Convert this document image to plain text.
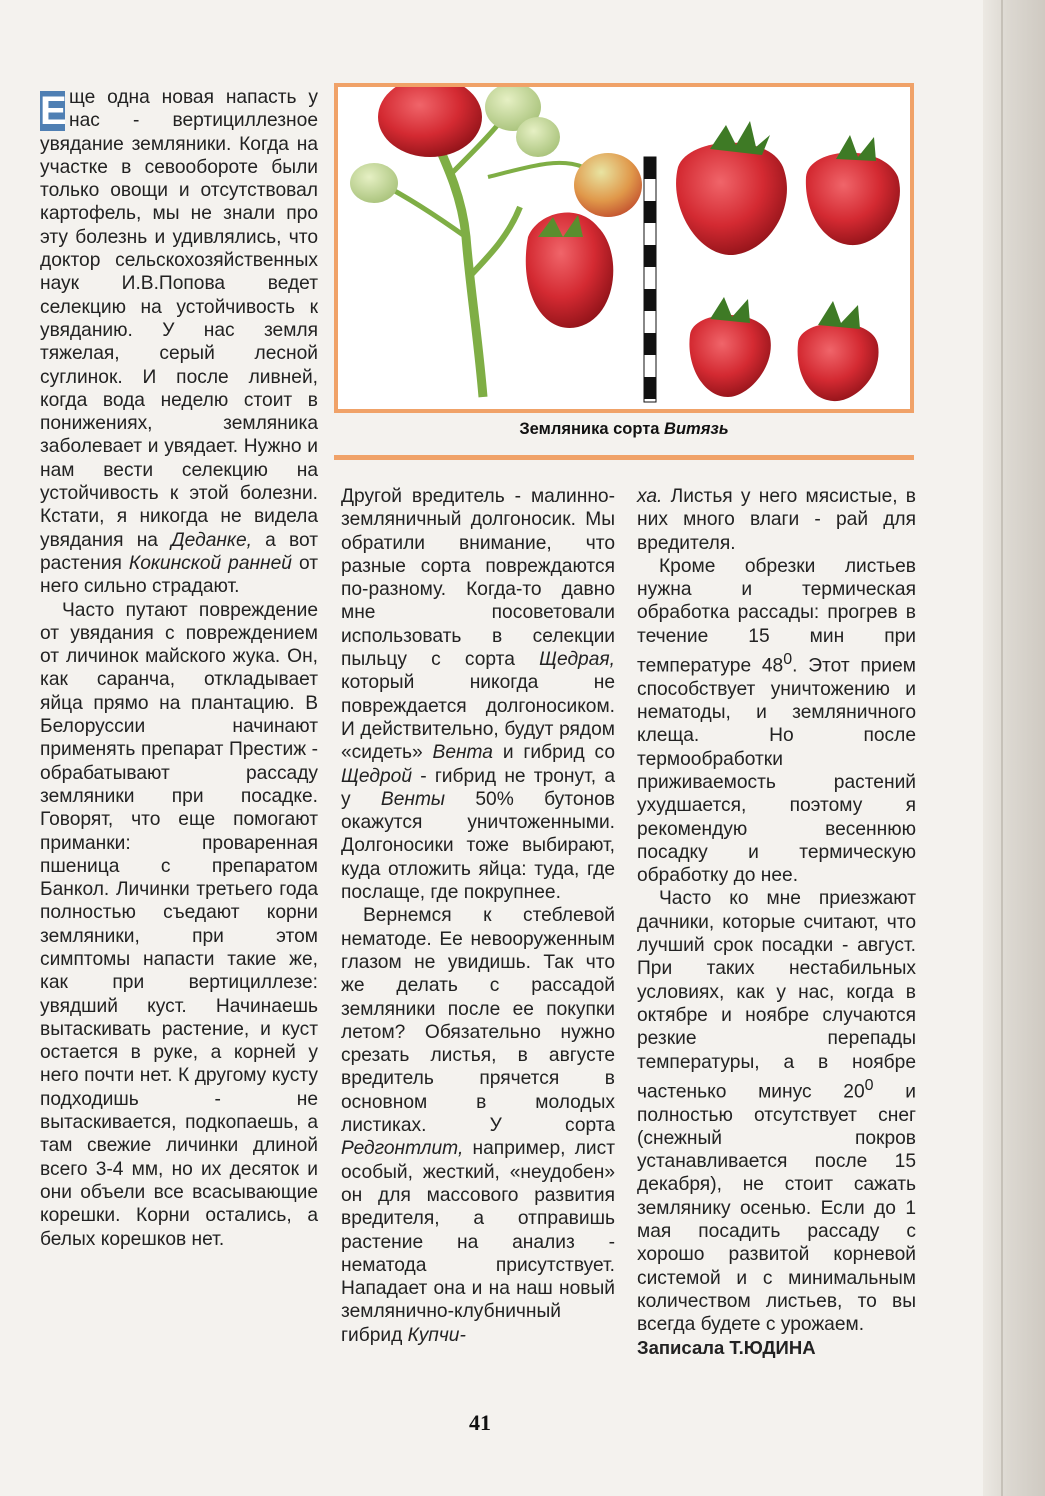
Е ще одна новая напасть у нас - вертициллезное увядание земляники. Когда на участке в севообороте были только овощи и отсутствовал картофель, мы не знали про эту болезнь и удивлялись, что доктор сельскохозяйственных наук И.В.Попова ведет селекцию на устойчивость к увяданию. У нас земля тяжелая, серый лесной суглинок. И после ливней, когда вода неделю стоит в понижениях, земляника заболевает и увядает. Нужно и нам вести селекцию на устойчивость к этой болезни. Кстати, я никогда не видела увядания на Деданке, а вот растения Кокинской ранней от него сильно страдают.

Часто путают повреждение от увядания с повреждением от личинок майского жука. Он, как саранча, откладывает яйца прямо на плантацию. В Белоруссии начинают применять препарат Престиж - обрабатывают рассаду земляники при посадке. Говорят, что еще помогают приманки: проваренная пшеница с препаратом Банкол. Личинки третьего года полностью съедают корни земляники, при этом симптомы напасти такие же, как при вертициллезе: увядший куст. Начинаешь вытаскивать растение, и куст остается в руке, а корней у него почти нет. К другому кусту подходишь - не вытаскивается, подкопаешь, а там свежие личинки длиной всего 3-4 мм, но их десяток и они объели все всасывающие корешки. Корни остались, а белых корешков нет.

Земляника сорта Витязь

Другой вредитель - малинно-земляничный долгоносик. Мы обратили внимание, что разные сорта повреждаются по-разному. Когда-то давно мне посоветовали использовать в селекции пыльцу с сорта Щедрая, который никогда не повреждается долгоносиком. И действительно, будут рядом «сидеть» Вента и гибрид со Щедрой - гибрид не тронут, а у Венты 50% бутонов окажутся уничтоженными. Долгоносики тоже выбирают, куда отложить яйца: туда, где послаще, где покрупнее.

Вернемся к стеблевой нематоде. Ее невооруженным глазом не увидишь. Так что же делать с рассадой земляники после ее покупки летом? Обязательно нужно срезать листья, в августе вредитель прячется в основном в молодых листиках. У сорта Редгонтлит, например, лист особый, жесткий, «неудобен» он для массового развития вредителя, а отправишь растение на анализ - нематода присутствует. Нападает она и на наш новый землянично-клубничный гибрид Купчи-

ха. Листья у него мясистые, в них много влаги - рай для вредителя.

Кроме обрезки листьев нужна и термическая обработка рассады: прогрев в течение 15 мин при температуре $48^0$. Этот прием способствует уничтожению и нематоды, и земляничного клеща. Но после термообработки приживаемость растений ухудшается, поэтому я рекомендую весеннюю посадку и термическую обработку до нее.

Часто ко мне приезжают дачники, которые считают, что лучший срок посадки - август. При таких нестабильных условиях, как у нас, когда в октябре и ноябре случаются резкие перепады температуры, а в ноябре частенько минус $20^0$ и полностью отсутствует снег (снежный покров устанавливается после 15 декабря), не стоит сажать землянику осенью. Если до 1 мая посадить рассаду с хорошо развитой корневой системой и с минимальным количеством листьев, то вы всегда будете с урожаем.

Записала Т.ЮДИНА

41
